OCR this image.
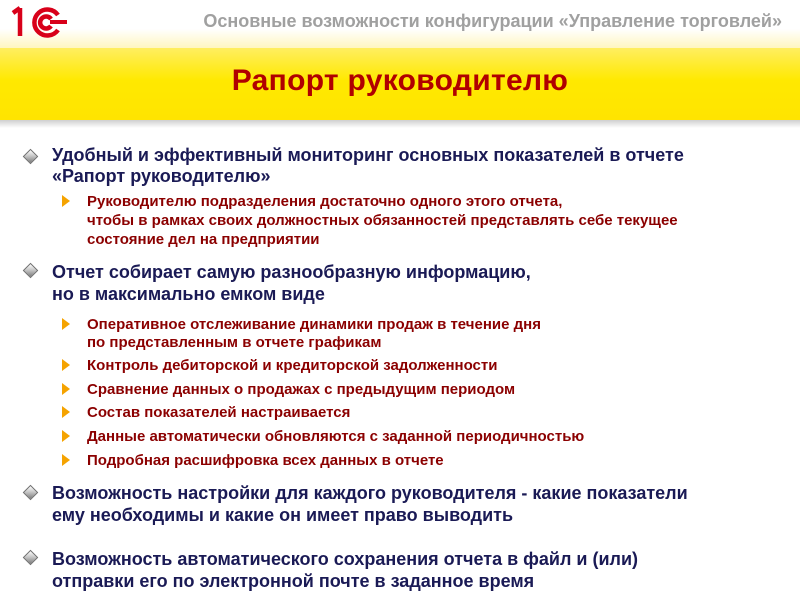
Основные возможности конфигурации «Управление торговлей»
Рапорт руководителю
Удобный и эффективный мониторинг основных показателей в отчете
«Рапорт руководителю»
Руководителю подразделения достаточно одного этого отчета,
чтобы в рамках своих должностных обязанностей представлять себе текущее
состояние дел на предприятии
Отчет собирает самую разнообразную информацию,
но в максимально емком виде
Оперативное отслеживание динамики продаж в течение дня
по представленным в отчете графикам
Контроль дебиторской и кредиторской задолженности
Сравнение данных о продажах с предыдущим периодом
Состав показателей настраивается
Данные автоматически обновляются с заданной периодичностью
Подробная расшифровка всех данных в отчете
Возможность настройки для каждого руководителя - какие показатели
ему необходимы и какие он имеет право выводить
Возможность автоматического сохранения отчета в файл и (или)
отправки его по электронной почте в заданное время
